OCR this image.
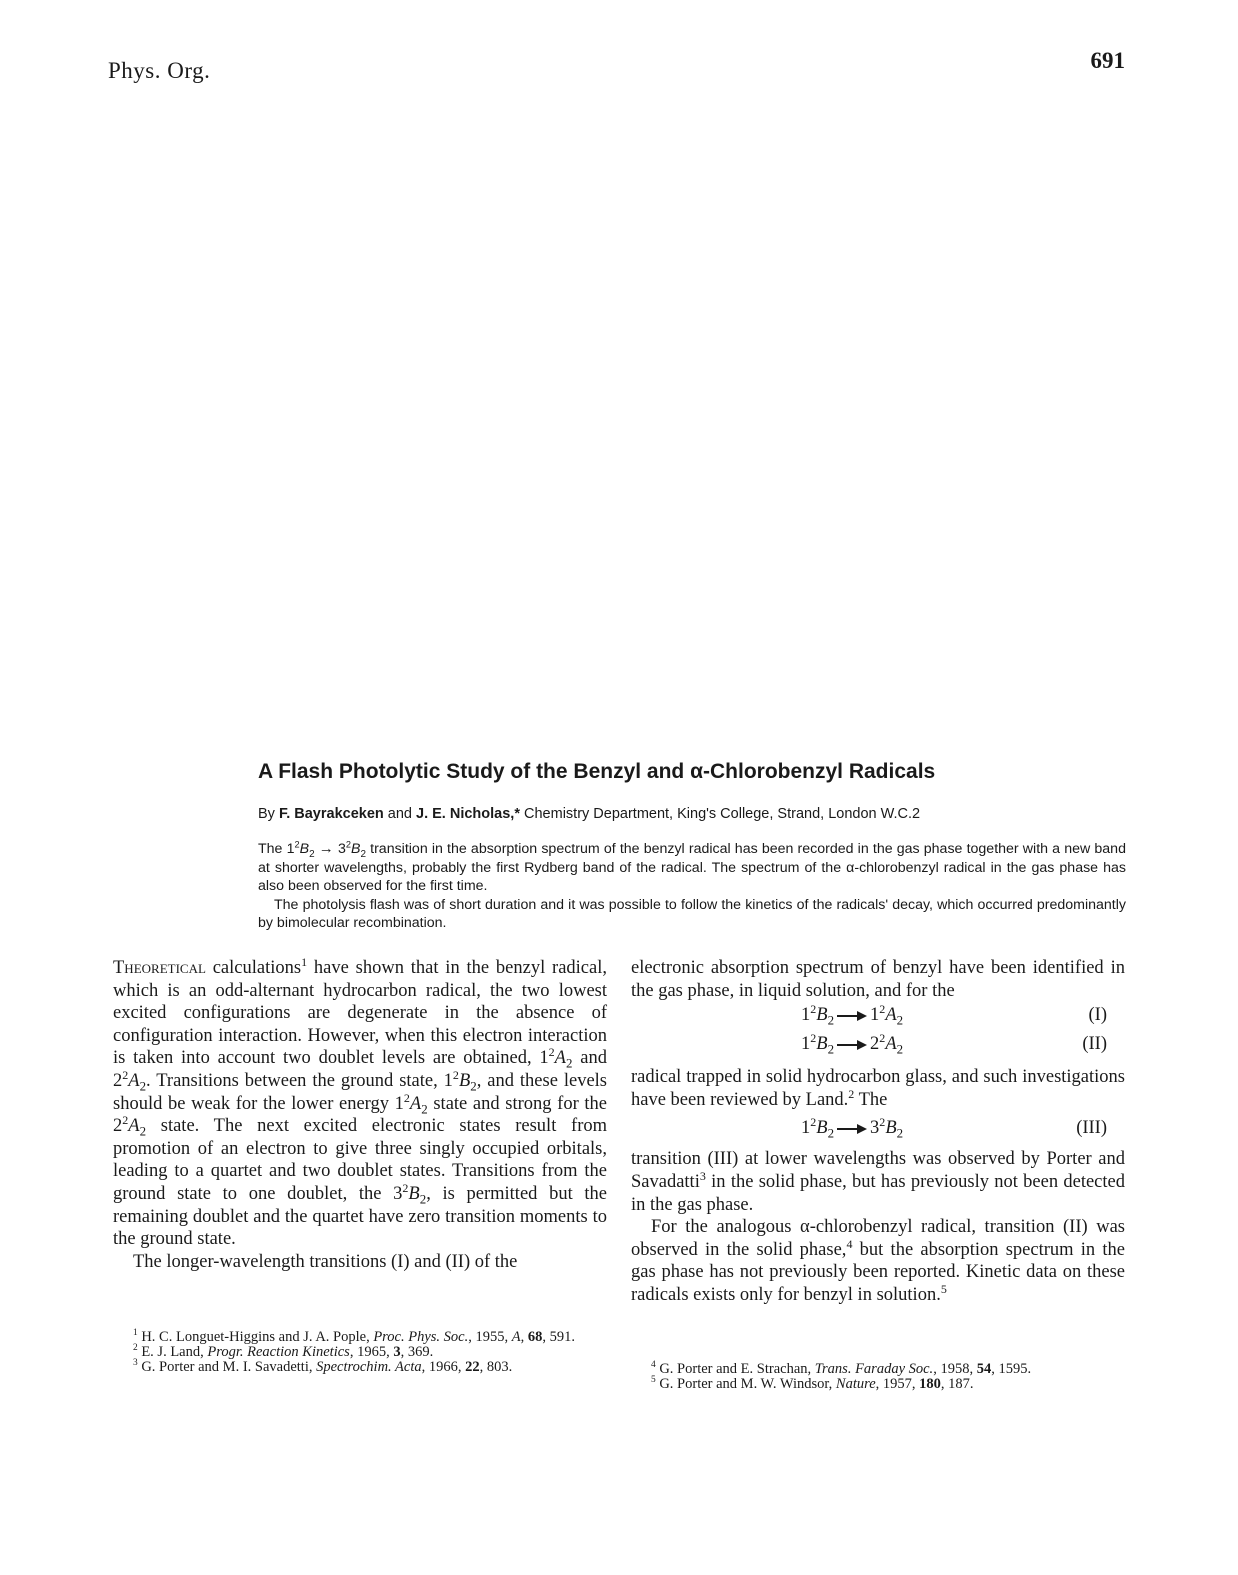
Phys. Org.	691
A Flash Photolytic Study of the Benzyl and α-Chlorobenzyl Radicals
By F. Bayrakceken and J. E. Nicholas,* Chemistry Department, King's College, Strand, London W.C.2

The $1^2B_2 \to 3^2B_2$ transition in the absorption spectrum of the benzyl radical has been recorded in the gas phase together with a new band at shorter wavelengths, probably the first Rydberg band of the radical. The spectrum of the α-chlorobenzyl radical in the gas phase has also been observed for the first time.

The photolysis flash was of short duration and it was possible to follow the kinetics of the radicals' decay, which occurred predominantly by bimolecular recombination.

Theoretical calculations$^1$ have shown that in the benzyl radical, which is an odd-alternant hydrocarbon radical, the two lowest excited configurations are degenerate in the absence of configuration interaction. However, when this electron interaction is taken into account two doublet levels are obtained, $1^2A_2$ and $2^2A_2$. Transitions between the ground state, $1^2B_2$, and these levels should be weak for the lower energy $1^2A_2$ state and strong for the $2^2A_2$ state. The next excited electronic states result from promotion of an electron to give three singly occupied orbitals, leading to a quartet and two doublet states. Transitions from the ground state to one doublet, the $3^2B_2$, is permitted but the remaining doublet and the quartet have zero transition moments to the ground state.

The longer-wavelength transitions (I) and (II) of the

electronic absorption spectrum of benzyl have been identified in the gas phase, in liquid solution, and for the

$1^2B_2$ $1^2A_2$	(I)
$1^2B_2$ $2^2A_2$	(II)

radical trapped in solid hydrocarbon glass, and such investigations have been reviewed by Land.$^2$ The

$1^2B_2$ $3^2B_2$	(III)

transition (III) at lower wavelengths was observed by Porter and Savadatti$^3$ in the solid phase, but has previously not been detected in the gas phase.

For the analogous α-chlorobenzyl radical, transition (II) was observed in the solid phase,$^4$ but the absorption spectrum in the gas phase has not previously been reported. Kinetic data on these radicals exists only for benzyl in solution.$^5$

$^1$ H. C. Longuet-Higgins and J. A. Pople, Proc. Phys. Soc., 1955, A, 68, 591.

$^2$ E. J. Land, Progr. Reaction Kinetics, 1965, 3, 369.

$^3$ G. Porter and M. I. Savadetti, Spectrochim. Acta, 1966, 22, 803.	$^4$ G. Porter and E. Strachan, Trans. Faraday Soc., 1958, 54, 1595.

$^5$ G. Porter and M. W. Windsor, Nature, 1957, 180, 187.
